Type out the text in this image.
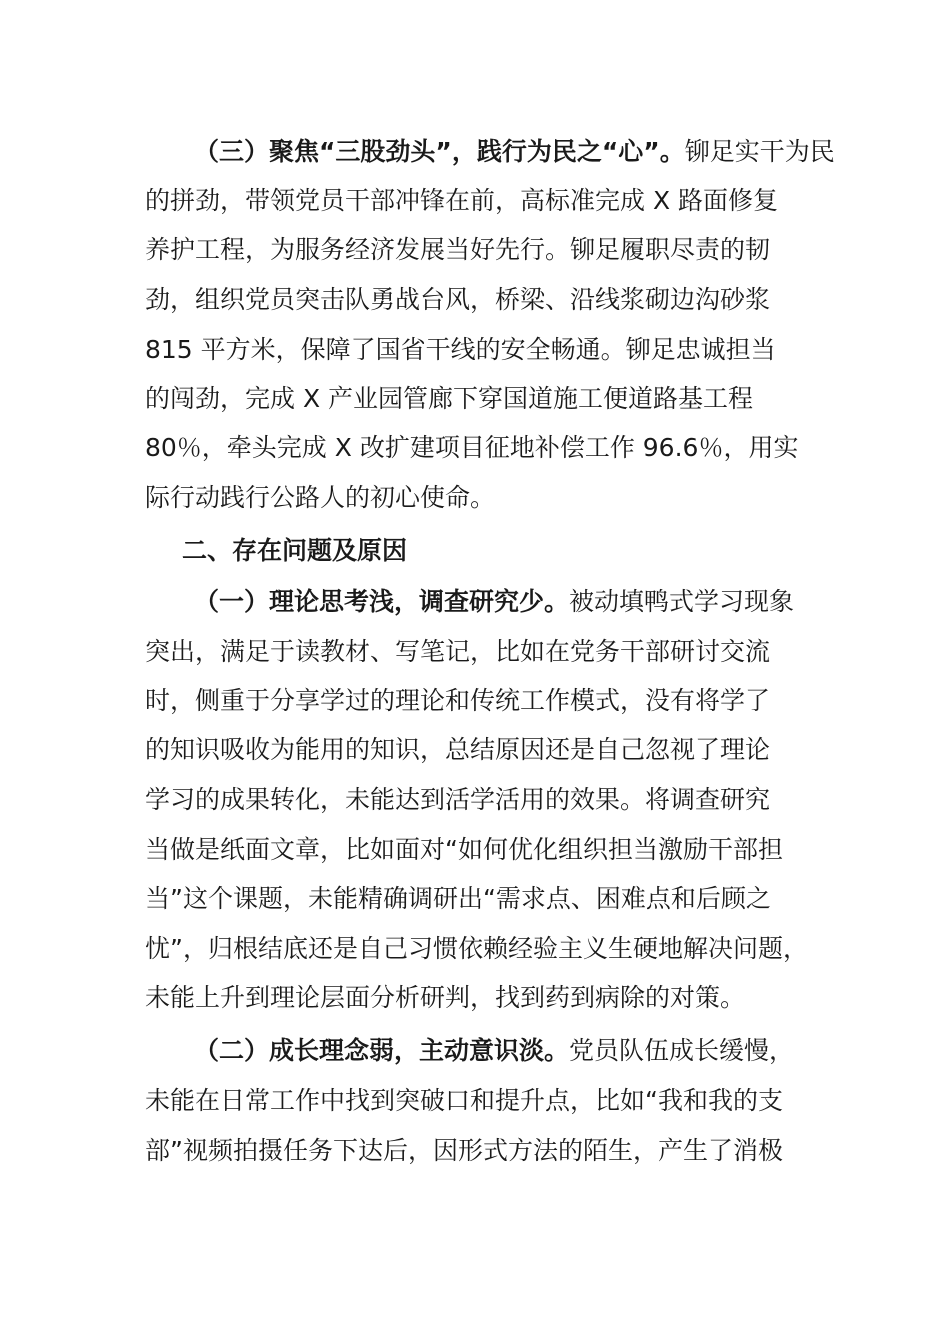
（三）聚焦“三股劲头”，践行为民之“心”。铆足实干为民

的拼劲，带领党员干部冲锋在前，高标准完成 X 路面修复

养护工程，为服务经济发展当好先行。铆足履职尽责的韧

劲，组织党员突击队勇战台风，桥梁、沿线浆砌边沟砂浆

815 平方米，保障了国省干线的安全畅通。铆足忠诚担当

的闯劲，完成 X 产业园管廊下穿国道施工便道路基工程

80％，牵头完成 X 改扩建项目征地补偿工作 96.6％，用实

际行动践行公路人的初心使命。

二、存在问题及原因

（一）理论思考浅，调查研究少。被动填鸭式学习现象

突出，满足于读教材、写笔记，比如在党务干部研讨交流

时，侧重于分享学过的理论和传统工作模式，没有将学了

的知识吸收为能用的知识，总结原因还是自己忽视了理论

学习的成果转化，未能达到活学活用的效果。将调查研究

当做是纸面文章，比如面对“如何优化组织担当激励干部担

当”这个课题，未能精确调研出“需求点、困难点和后顾之

忧”，归根结底还是自己习惯依赖经验主义生硬地解决问题，

未能上升到理论层面分析研判，找到药到病除的对策。

（二）成长理念弱，主动意识淡。党员队伍成长缓慢，

未能在日常工作中找到突破口和提升点，比如“我和我的支

部”视频拍摄任务下达后，因形式方法的陌生，产生了消极
